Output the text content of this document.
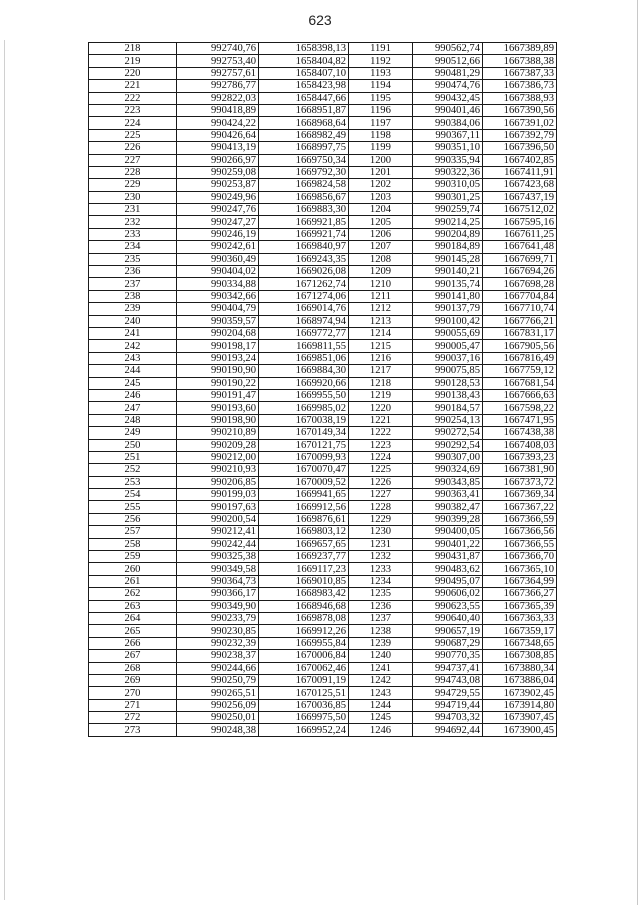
623
218	992740,76	1658398,13	1191	990562,74	1667389,89
219	992753,40	1658404,82	1192	990512,66	1667388,38
220	992757,61	1658407,10	1193	990481,29	1667387,33
221	992786,77	1658423,98	1194	990474,76	1667386,73
222	992822,03	1658447,66	1195	990432,45	1667388,93
223	990418,89	1668951,87	1196	990401,46	1667390,56
224	990424,22	1668968,64	1197	990384,06	1667391,02
225	990426,64	1668982,49	1198	990367,11	1667392,79
226	990413,19	1668997,75	1199	990351,10	1667396,50
227	990266,97	1669750,34	1200	990335,94	1667402,85
228	990259,08	1669792,30	1201	990322,36	1667411,91
229	990253,87	1669824,58	1202	990310,05	1667423,68
230	990249,96	1669856,67	1203	990301,25	1667437,19
231	990247,76	1669883,30	1204	990259,74	1667512,02
232	990247,27	1669921,85	1205	990214,25	1667595,16
233	990246,19	1669921,74	1206	990204,89	1667611,25
234	990242,61	1669840,97	1207	990184,89	1667641,48
235	990360,49	1669243,35	1208	990145,28	1667699,71
236	990404,02	1669026,08	1209	990140,21	1667694,26
237	990334,88	1671262,74	1210	990135,74	1667698,28
238	990342,66	1671274,06	1211	990141,80	1667704,84
239	990404,79	1669014,76	1212	990137,79	1667710,74
240	990359,57	1668974,94	1213	990100,42	1667766,21
241	990204,68	1669772,77	1214	990055,69	1667831,17
242	990198,17	1669811,55	1215	990005,47	1667905,56
243	990193,24	1669851,06	1216	990037,16	1667816,49
244	990190,90	1669884,30	1217	990075,85	1667759,12
245	990190,22	1669920,66	1218	990128,53	1667681,54
246	990191,47	1669955,50	1219	990138,43	1667666,63
247	990193,60	1669985,02	1220	990184,57	1667598,22
248	990198,90	1670038,19	1221	990254,13	1667471,95
249	990210,89	1670149,34	1222	990272,54	1667438,38
250	990209,28	1670121,75	1223	990292,54	1667408,03
251	990212,00	1670099,93	1224	990307,00	1667393,23
252	990210,93	1670070,47	1225	990324,69	1667381,90
253	990206,85	1670009,52	1226	990343,85	1667373,72
254	990199,03	1669941,65	1227	990363,41	1667369,34
255	990197,63	1669912,56	1228	990382,47	1667367,22
256	990200,54	1669876,61	1229	990399,28	1667366,59
257	990212,41	1669803,12	1230	990400,05	1667366,56
258	990242,44	1669657,65	1231	990401,22	1667366,55
259	990325,38	1669237,77	1232	990431,87	1667366,70
260	990349,58	1669117,23	1233	990483,62	1667365,10
261	990364,73	1669010,85	1234	990495,07	1667364,99
262	990366,17	1668983,42	1235	990606,02	1667366,27
263	990349,90	1668946,68	1236	990623,55	1667365,39
264	990233,79	1669878,08	1237	990640,40	1667363,33
265	990230,85	1669912,26	1238	990657,19	1667359,17
266	990232,39	1669955,84	1239	990687,29	1667348,65
267	990238,37	1670006,84	1240	990770,35	1667308,85
268	990244,66	1670062,46	1241	994737,41	1673880,34
269	990250,79	1670091,19	1242	994743,08	1673886,04
270	990265,51	1670125,51	1243	994729,55	1673902,45
271	990256,09	1670036,85	1244	994719,44	1673914,80
272	990250,01	1669975,50	1245	994703,32	1673907,45
273	990248,38	1669952,24	1246	994692,44	1673900,45
